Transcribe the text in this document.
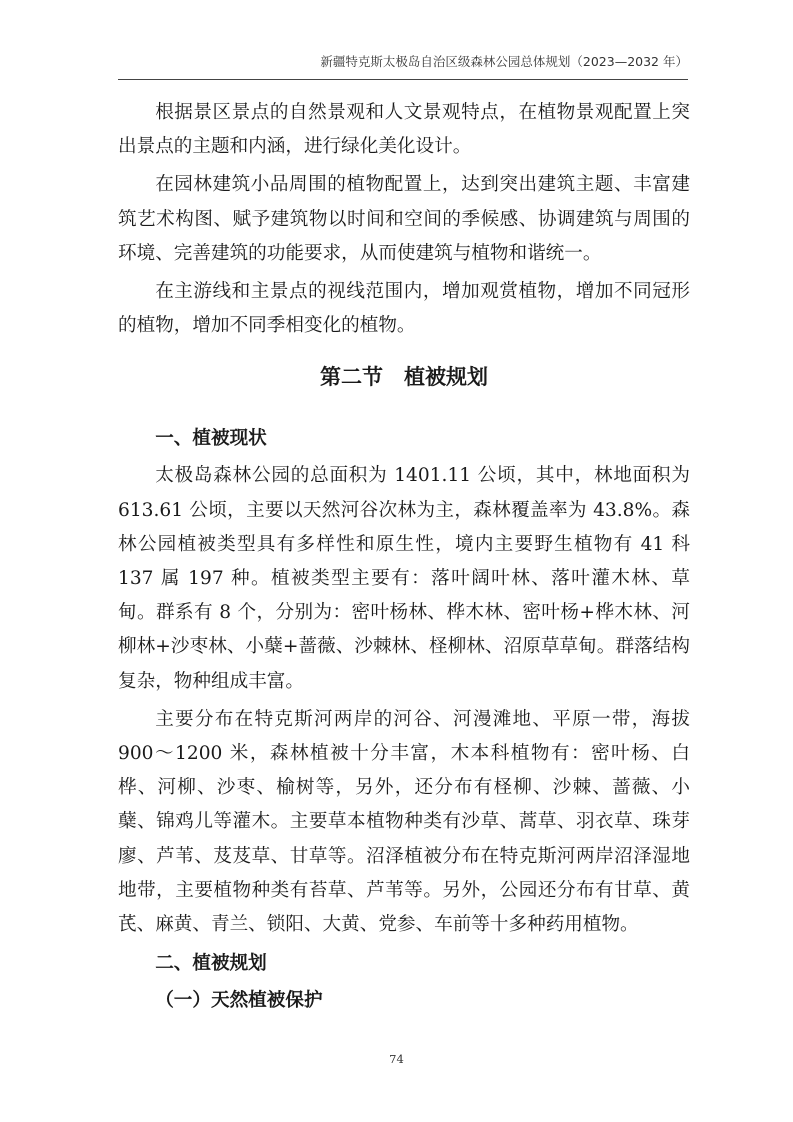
新疆特克斯太极岛自治区级森林公园总体规划（2023—2032 年）

根据景区景点的自然景观和人文景观特点，在植物景观配置上突出景点的主题和内涵，进行绿化美化设计。

在园林建筑小品周围的植物配置上，达到突出建筑主题、丰富建筑艺术构图、赋予建筑物以时间和空间的季候感、协调建筑与周围的环境、完善建筑的功能要求，从而使建筑与植物和谐统一。

在主游线和主景点的视线范围内，增加观赏植物，增加不同冠形的植物，增加不同季相变化的植物。

第二节　植被规划
一、植被现状

太极岛森林公园的总面积为 1401.11 公顷，其中，林地面积为 613.61 公顷，主要以天然河谷次林为主，森林覆盖率为 43.8%。森林公园植被类型具有多样性和原生性，境内主要野生植物有 41 科 137 属 197 种。植被类型主要有：落叶阔叶林、落叶灌木林、草甸。群系有 8 个，分别为：密叶杨林、桦木林、密叶杨+桦木林、河柳林+沙枣林、小蘖+蔷薇、沙棘林、柽柳林、沼原草草甸。群落结构复杂，物种组成丰富。

主要分布在特克斯河两岸的河谷、河漫滩地、平原一带，海拔 900～1200 米，森林植被十分丰富，木本科植物有：密叶杨、白桦、河柳、沙枣、榆树等，另外，还分布有柽柳、沙棘、蔷薇、小蘖、锦鸡儿等灌木。主要草本植物种类有沙草、蒿草、羽衣草、珠芽廖、芦苇、芨芨草、甘草等。沼泽植被分布在特克斯河两岸沼泽湿地地带，主要植物种类有苔草、芦苇等。另外，公园还分布有甘草、黄芪、麻黄、青兰、锁阳、大黄、党参、车前等十多种药用植物。

二、植被规划
（一）天然植被保护
74
